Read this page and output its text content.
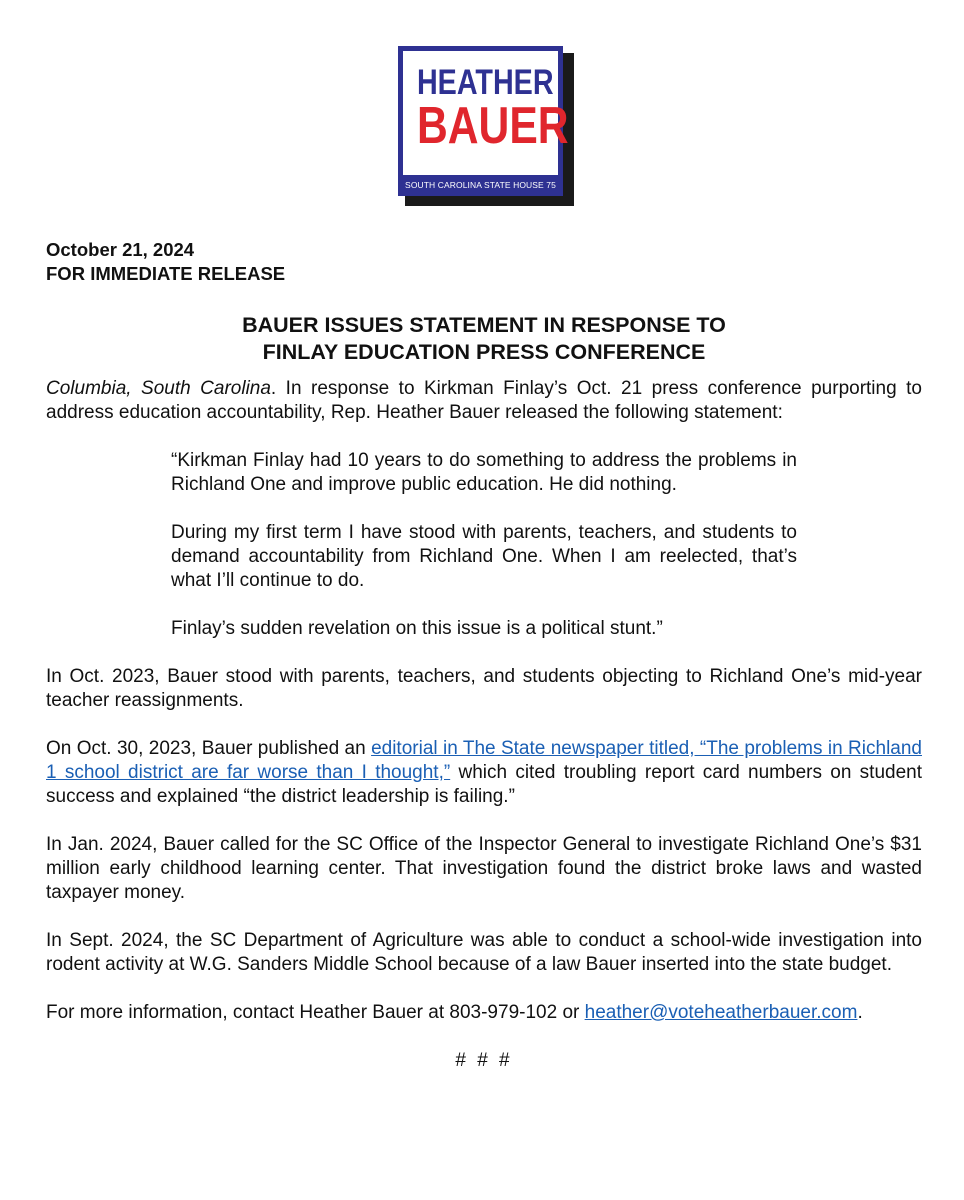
HEATHER
BAUER
SOUTH CAROLINA STATE HOUSE 75
October 21, 2024
FOR IMMEDIATE RELEASE
BAUER ISSUES STATEMENT IN RESPONSE TO
FINLAY EDUCATION PRESS CONFERENCE

Columbia, South Carolina. In response to Kirkman Finlay’s Oct. 21 press conference purporting to address education accountability, Rep. Heather Bauer released the following statement:

“Kirkman Finlay had 10 years to do something to address the problems in Richland One and improve public education. He did nothing.

During my first term I have stood with parents, teachers, and students to demand accountability from Richland One. When I am reelected, that’s what I’ll continue to do.

Finlay’s sudden revelation on this issue is a political stunt.”

In Oct. 2023, Bauer stood with parents, teachers, and students objecting to Richland One’s mid-year teacher reassignments.

On Oct. 30, 2023, Bauer published an editorial in The State newspaper titled, “The problems in Richland 1 school district are far worse than I thought,” which cited troubling report card numbers on student success and explained “the district leadership is failing.”

In Jan. 2024, Bauer called for the SC Office of the Inspector General to investigate Richland One’s $31 million early childhood learning center. That investigation found the district broke laws and wasted taxpayer money.

In Sept. 2024, the SC Department of Agriculture was able to conduct a school-wide investigation into rodent activity at W.G. Sanders Middle School because of a law Bauer inserted into the state budget.

For more information, contact Heather Bauer at 803-979-102 or heather@voteheatherbauer.com.

# # #
